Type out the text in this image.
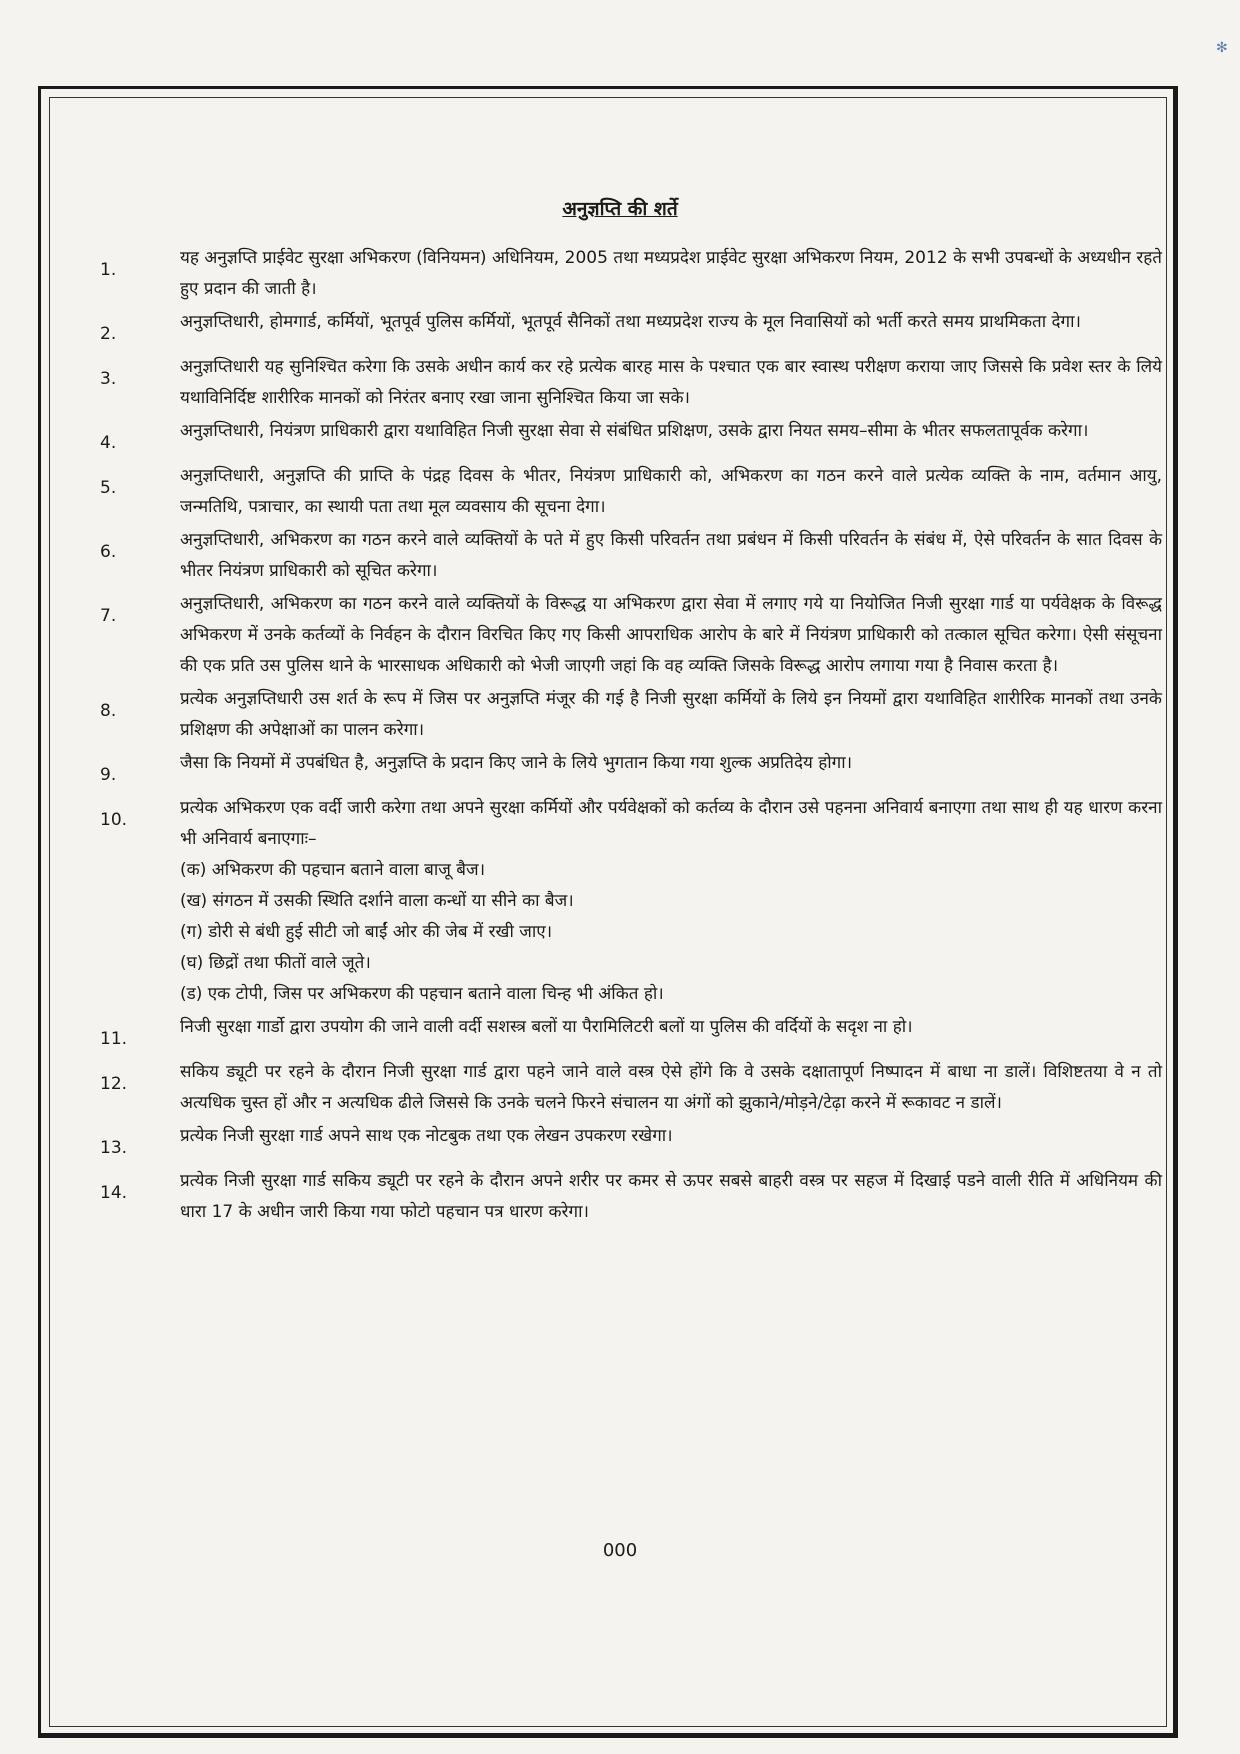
✻
अनुज्ञप्ति की शर्ते
1.
यह अनुज्ञप्ति प्राईवेट सुरक्षा अभिकरण (विनियमन) अधिनियम, 2005 तथा मध्यप्रदेश प्राईवेट सुरक्षा अभिकरण नियम, 2012 के सभी उपबन्धों के अध्यधीन रहते हुए प्रदान की जाती है।
2.
अनुज्ञप्तिधारी, होमगार्ड, कर्मियों, भूतपूर्व पुलिस कर्मियों, भूतपूर्व सैनिकों तथा मध्यप्रदेश राज्य के मूल निवासियों को भर्ती करते समय प्राथमिकता देगा।
3.
अनुज्ञप्तिधारी यह सुनिश्चित करेगा कि उसके अधीन कार्य कर रहे प्रत्येक बारह मास के पश्चात एक बार स्वास्थ परीक्षण कराया जाए जिससे कि प्रवेश स्तर के लिये यथाविनिर्दिष्ट शारीरिक मानकों को निरंतर बनाए रखा जाना सुनिश्चित किया जा सके।
4.
अनुज्ञप्तिधारी, नियंत्रण प्राधिकारी द्वारा यथाविहित निजी सुरक्षा सेवा से संबंधित प्रशिक्षण, उसके द्वारा नियत समय–सीमा के भीतर सफलतापूर्वक करेगा।
5.
अनुज्ञप्तिधारी, अनुज्ञप्ति की प्राप्ति के पंद्रह दिवस के भीतर, नियंत्रण प्राधिकारी को, अभिकरण का गठन करने वाले प्रत्येक व्यक्ति के नाम, वर्तमान आयु, जन्मतिथि, पत्राचार, का स्थायी पता तथा मूल व्यवसाय की सूचना देगा।
6.
अनुज्ञप्तिधारी, अभिकरण का गठन करने वाले व्यक्तियों के पते में हुए किसी परिवर्तन तथा प्रबंधन में किसी परिवर्तन के संबंध में, ऐसे परिवर्तन के सात दिवस के भीतर नियंत्रण प्राधिकारी को सूचित करेगा।
7.
अनुज्ञप्तिधारी, अभिकरण का गठन करने वाले व्यक्तियों के विरूद्ध या अभिकरण द्वारा सेवा में लगाए गये या नियोजित निजी सुरक्षा गार्ड या पर्यवेक्षक के विरूद्ध अभिकरण में उनके कर्तव्यों के निर्वहन के दौरान विरचित किए गए किसी आपराधिक आरोप के बारे में नियंत्रण प्राधिकारी को तत्काल सूचित करेगा। ऐसी संसूचना की एक प्रति उस पुलिस थाने के भारसाधक अधिकारी को भेजी जाएगी जहां कि वह व्यक्ति जिसके विरूद्ध आरोप लगाया गया है निवास करता है।
8.
प्रत्येक अनुज्ञप्तिधारी उस शर्त के रूप में जिस पर अनुज्ञप्ति मंजूर की गई है निजी सुरक्षा कर्मियों के लिये इन नियमों द्वारा यथाविहित शारीरिक मानकों तथा उनके प्रशिक्षण की अपेक्षाओं का पालन करेगा।
9.
जैसा कि नियमों में उपबंधित है, अनुज्ञप्ति के प्रदान किए जाने के लिये भुगतान किया गया शुल्क अप्रतिदेय होगा।
10.
प्रत्येक अभिकरण एक वर्दी जारी करेगा तथा अपने सुरक्षा कर्मियों और पर्यवेक्षकों को कर्तव्य के दौरान उसे पहनना अनिवार्य बनाएगा तथा साथ ही यह धारण करना भी अनिवार्य बनाएगाः–
(क) अभिकरण की पहचान बताने वाला बाजू बैज।
(ख) संगठन में उसकी स्थिति दर्शाने वाला कन्धों या सीने का बैज।
(ग) डोरी से बंधी हुई सीटी जो बाईं ओर की जेब में रखी जाए।
(घ) छिद्रों तथा फीतों वाले जूते।
(ड) एक टोपी, जिस पर अभिकरण की पहचान बताने वाला चिन्ह भी अंकित हो।
11.
निजी सुरक्षा गार्डो द्वारा उपयोग की जाने वाली वर्दी सशस्त्र बलों या पैरामिलिटरी बलों या पुलिस की वर्दियों के सदृश ना हो।
12.
सकिय ड्यूटी पर रहने के दौरान निजी सुरक्षा गार्ड द्वारा पहने जाने वाले वस्त्र ऐसे होंगे कि वे उसके दक्षातापूर्ण निष्पादन में बाधा ना डालें। विशिष्टतया वे न तो अत्यधिक चुस्त हों और न अत्यधिक ढीले जिससे कि उनके चलने फिरने संचालन या अंगों को झुकाने/मोड़ने/टेढ़ा करने में रूकावट न डालें।
13.
प्रत्येक निजी सुरक्षा गार्ड अपने साथ एक नोटबुक तथा एक लेखन उपकरण रखेगा।
14.
प्रत्येक निजी सुरक्षा गार्ड सकिय ड्यूटी पर रहने के दौरान अपने शरीर पर कमर से ऊपर सबसे बाहरी वस्त्र पर सहज में दिखाई पडने वाली रीति में अधिनियम की धारा 17 के अधीन जारी किया गया फोटो पहचान पत्र धारण करेगा।
000
